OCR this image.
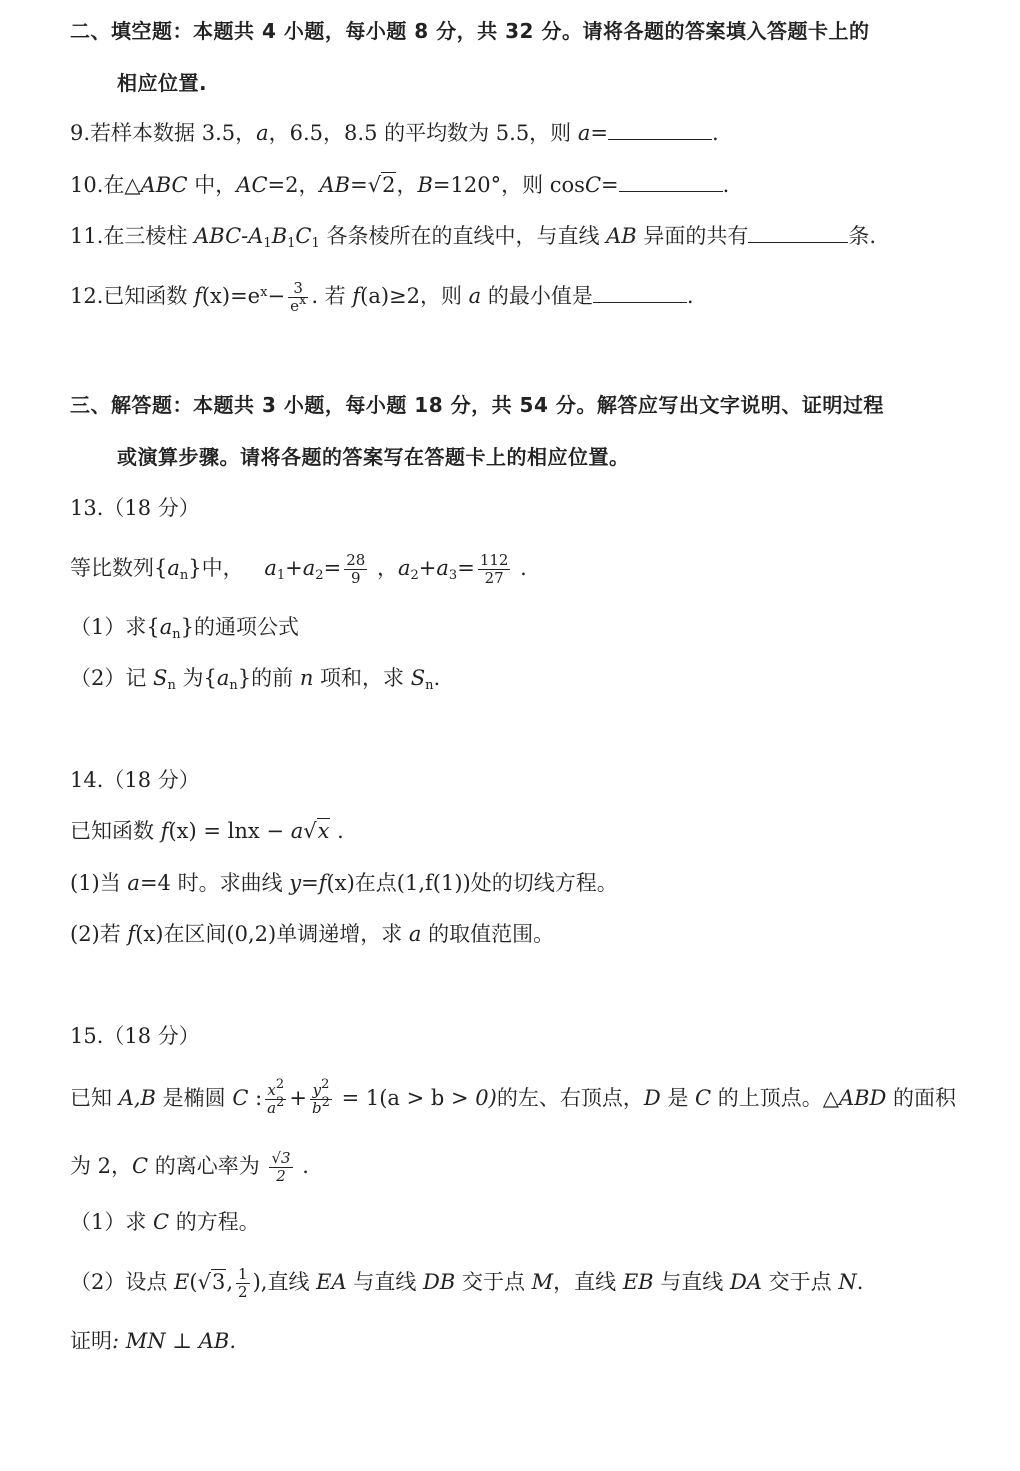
二、填空题：本题共 4 小题，每小题 8 分，共 32 分。请将各题的答案填入答题卡上的
相应位置.
9.若样本数据 3.5，a，6.5，8.5 的平均数为 5.5，则 a=	.
10.在△ABC 中，AC=2，AB=√2，B=120°，则 cosC=	.
11.在三棱柱 ABC-$A_1B_1C_1$ 各条棱所在的直线中，与直线 AB 异面的共有	条.
12.已知函数 $f(x)=e^x- \frac{3}{e^x}$ . 若 f(a)≥2，则 a 的最小值是	.
三、解答题：本题共 3 小题，每小题 18 分，共 54 分。解答应写出文字说明、证明过程
或演算步骤。请将各题的答案写在答题卡上的相应位置。
13.（18 分）
等比数列$\{a_n\}$中， $a_1+a_2= \frac{28}{9}$ ，$a_2+a_3= \frac{112}{27}$ .
（1）求$\{a_n\}$的通项公式
（2）记 $S_n$ 为$\{a_n\}$的前 n 项和，求 $S_n$.
14.（18 分）
已知函数 f(x) = lnx − a√x .
(1)当 a=4 时。求曲线 y=f(x)在点(1,f(1))处的切线方程。
(2)若 f(x)在区间(0,2)单调递增，求 a 的取值范围。
15.（18 分）
已知 A,B 是椭圆 C : $\frac{x^2}{a^2} + \frac{y^2}{b^2} = 1(a > b > 0)$的左、右顶点，D 是 C 的上顶点。△ABD 的面积
为 2，C 的离心率为 $\frac{√3}{2}$ .
（1）求 C 的方程。
（2）设点 E(√3, $\frac{1}{2}$ ),直线 EA 与直线 DB 交于点 M，直线 EB 与直线 DA 交于点 N.
证明: MN ⊥ AB.
